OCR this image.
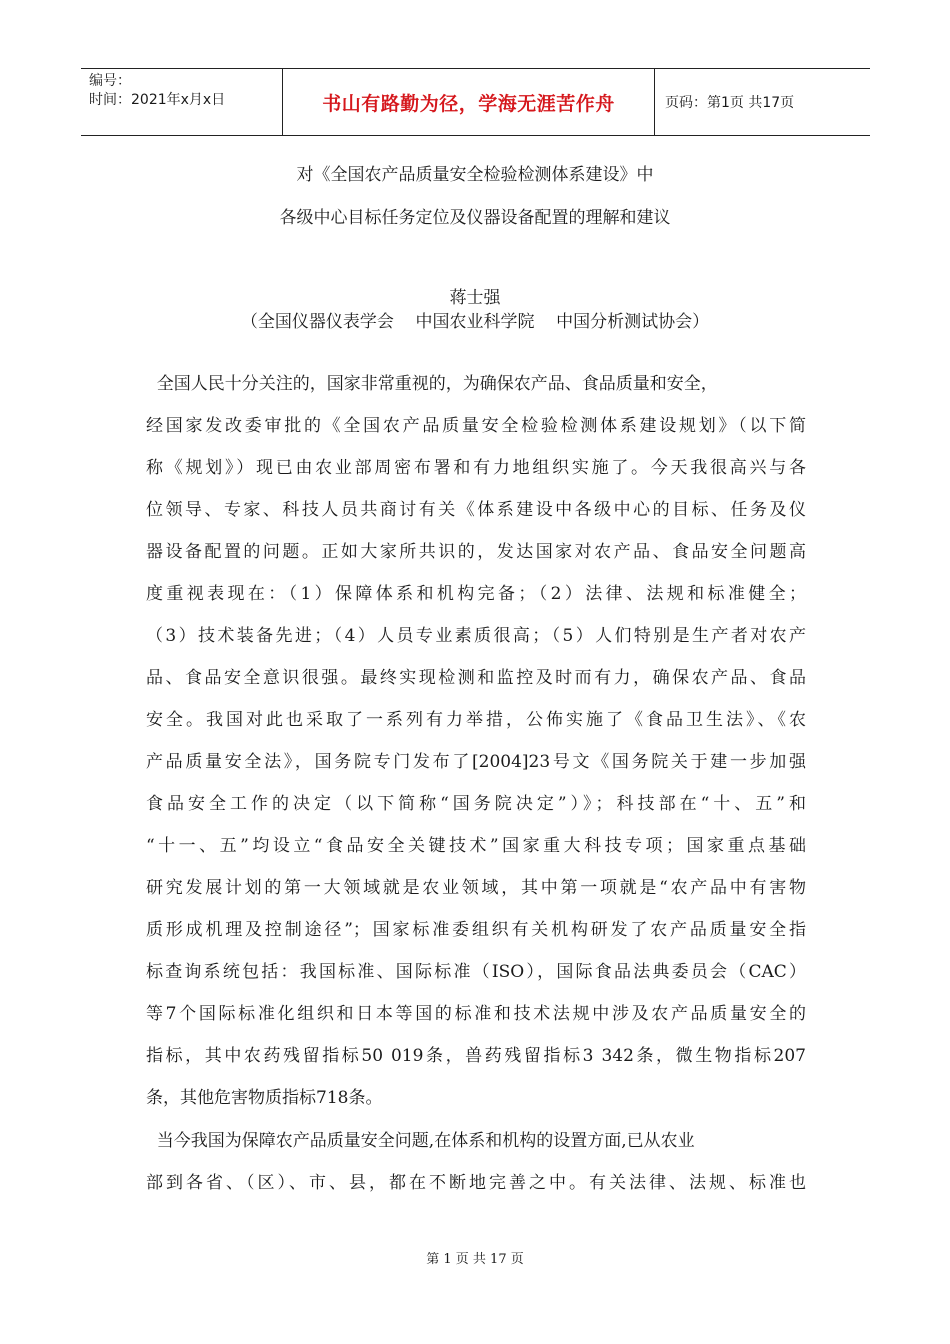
编号：
时间：2021年x月x日	书山有路勤为径，学海无涯苦作舟	页码：第1页 共17页
对《全国农产品质量安全检验检测体系建设》中
各级中心目标任务定位及仪器设备配置的理解和建议
蒋士强
（全国仪器仪表学会    中国农业科学院    中国分析测试协会）
全国人民十分关注的，国家非常重视的，为确保农产品、食品质量和安全，
经国家发改委审批的《全国农产品质量安全检验检测体系建设规划》（以下简
称《规划》）现已由农业部周密布署和有力地组织实施了。今天我很高兴与各
位领导、专家、科技人员共商讨有关《体系建设中各级中心的目标、任务及仪
器设备配置的问题。正如大家所共识的，发达国家对农产品、食品安全问题高
度重视表现在：（1）保障体系和机构完备；（2）法律、法规和标准健全；
（3）技术装备先进；（4）人员专业素质很高；（5）人们特别是生产者对农产
品、食品安全意识很强。最终实现检测和监控及时而有力，确保农产品、食品
安全。我国对此也采取了一系列有力举措，公佈实施了《食品卫生法》、《农
产品质量安全法》，国务院专门发布了[2004]23号文《国务院关于建一步加强
食品安全工作的决定（以下简称“国务院决定”）》；科技部在“十、五”和
“十一、五”均设立“食品安全关键技术”国家重大科技专项；国家重点基础
研究发展计划的第一大领域就是农业领域，其中第一项就是“农产品中有害物
质形成机理及控制途径”；国家标准委组织有关机构研发了农产品质量安全指
标查询系统包括：我国标准、国际标准（ISO），国际食品法典委员会（CAC）
等7个国际标准化组织和日本等国的标准和技术法规中涉及农产品质量安全的
指标，其中农药残留指标50 019条，兽药残留指标3 342条，微生物指标207
条，其他危害物质指标718条。
当今我国为保障农产品质量安全问题,在体系和机构的设置方面,已从农业
部到各省、（区）、市、县，都在不断地完善之中。有关法律、法规、标准也
第 1 页 共 17 页
